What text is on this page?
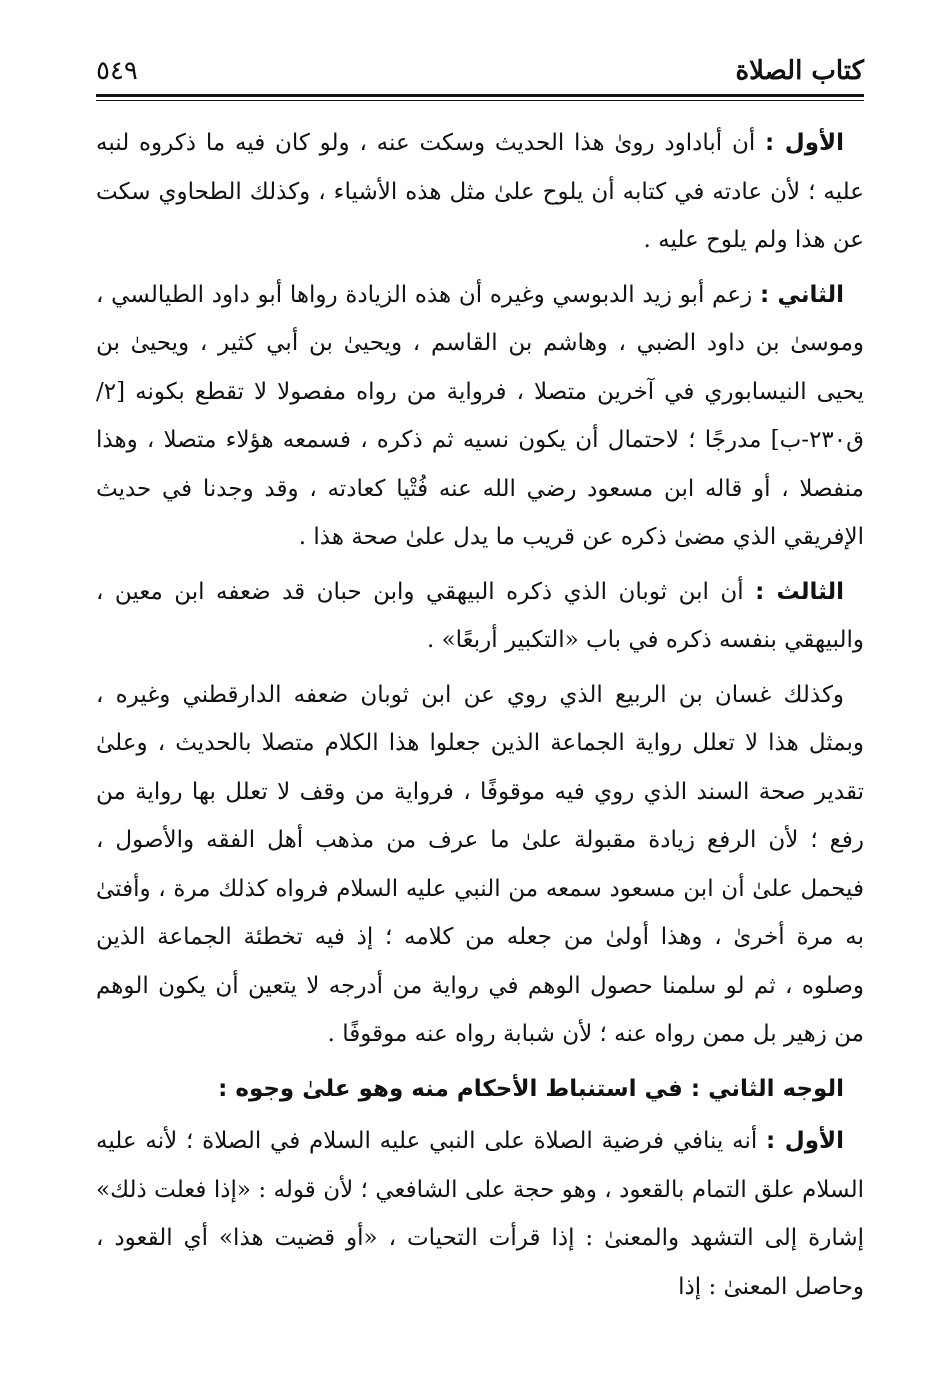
كتاب الصلاة
٥٤٩

الأول : أن أباداود روىٰ هذا الحديث وسكت عنه ، ولو كان فيه ما ذكروه لنبه عليه ؛ لأن عادته في كتابه أن يلوح علىٰ مثل هذه الأشياء ، وكذلك الطحاوي سكت عن هذا ولم يلوح عليه .

الثاني : زعم أبو زيد الدبوسي وغيره أن هذه الزيادة رواها أبو داود الطيالسي ، وموسىٰ بن داود الضبي ، وهاشم بن القاسم ، ويحيىٰ بن أبي كثير ، ويحيىٰ بن يحيى النيسابوري في آخرين متصلا ، فرواية من رواه مفصولا لا تقطع بكونه [٢/ ق٢٣٠-ب] مدرجًا ؛ لاحتمال أن يكون نسيه ثم ذكره ، فسمعه هؤلاء متصلا ، وهذا منفصلا ، أو قاله ابن مسعود رضي الله عنه فُتْيا كعادته ، وقد وجدنا في حديث الإفريقي الذي مضىٰ ذكره عن قريب ما يدل علىٰ صحة هذا .

الثالث : أن ابن ثوبان الذي ذكره البيهقي وابن حبان قد ضعفه ابن معين ، والبيهقي بنفسه ذكره في باب «التكبير أربعًا» .

وكذلك غسان بن الربيع الذي روي عن ابن ثوبان ضعفه الدارقطني وغيره ، وبمثل هذا لا تعلل رواية الجماعة الذين جعلوا هذا الكلام متصلا بالحديث ، وعلىٰ تقدير صحة السند الذي روي فيه موقوفًا ، فرواية من وقف لا تعلل بها رواية من رفع ؛ لأن الرفع زيادة مقبولة علىٰ ما عرف من مذهب أهل الفقه والأصول ، فيحمل علىٰ أن ابن مسعود سمعه من النبي عليه السلام فرواه كذلك مرة ، وأفتىٰ به مرة أخرىٰ ، وهذا أولىٰ من جعله من كلامه ؛ إذ فيه تخطئة الجماعة الذين وصلوه ، ثم لو سلمنا حصول الوهم في رواية من أدرجه لا يتعين أن يكون الوهم من زهير بل ممن رواه عنه ؛ لأن شبابة رواه عنه موقوفًا .

الوجه الثاني : في استنباط الأحكام منه وهو علىٰ وجوه :

الأول : أنه ينافي فرضية الصلاة على النبي عليه السلام في الصلاة ؛ لأنه عليه السلام علق التمام بالقعود ، وهو حجة على الشافعي ؛ لأن قوله : «إذا فعلت ذلك» إشارة إلى التشهد والمعنىٰ : إذا قرأت التحيات ، «أو قضيت هذا» أي القعود ، وحاصل المعنىٰ : إذا
